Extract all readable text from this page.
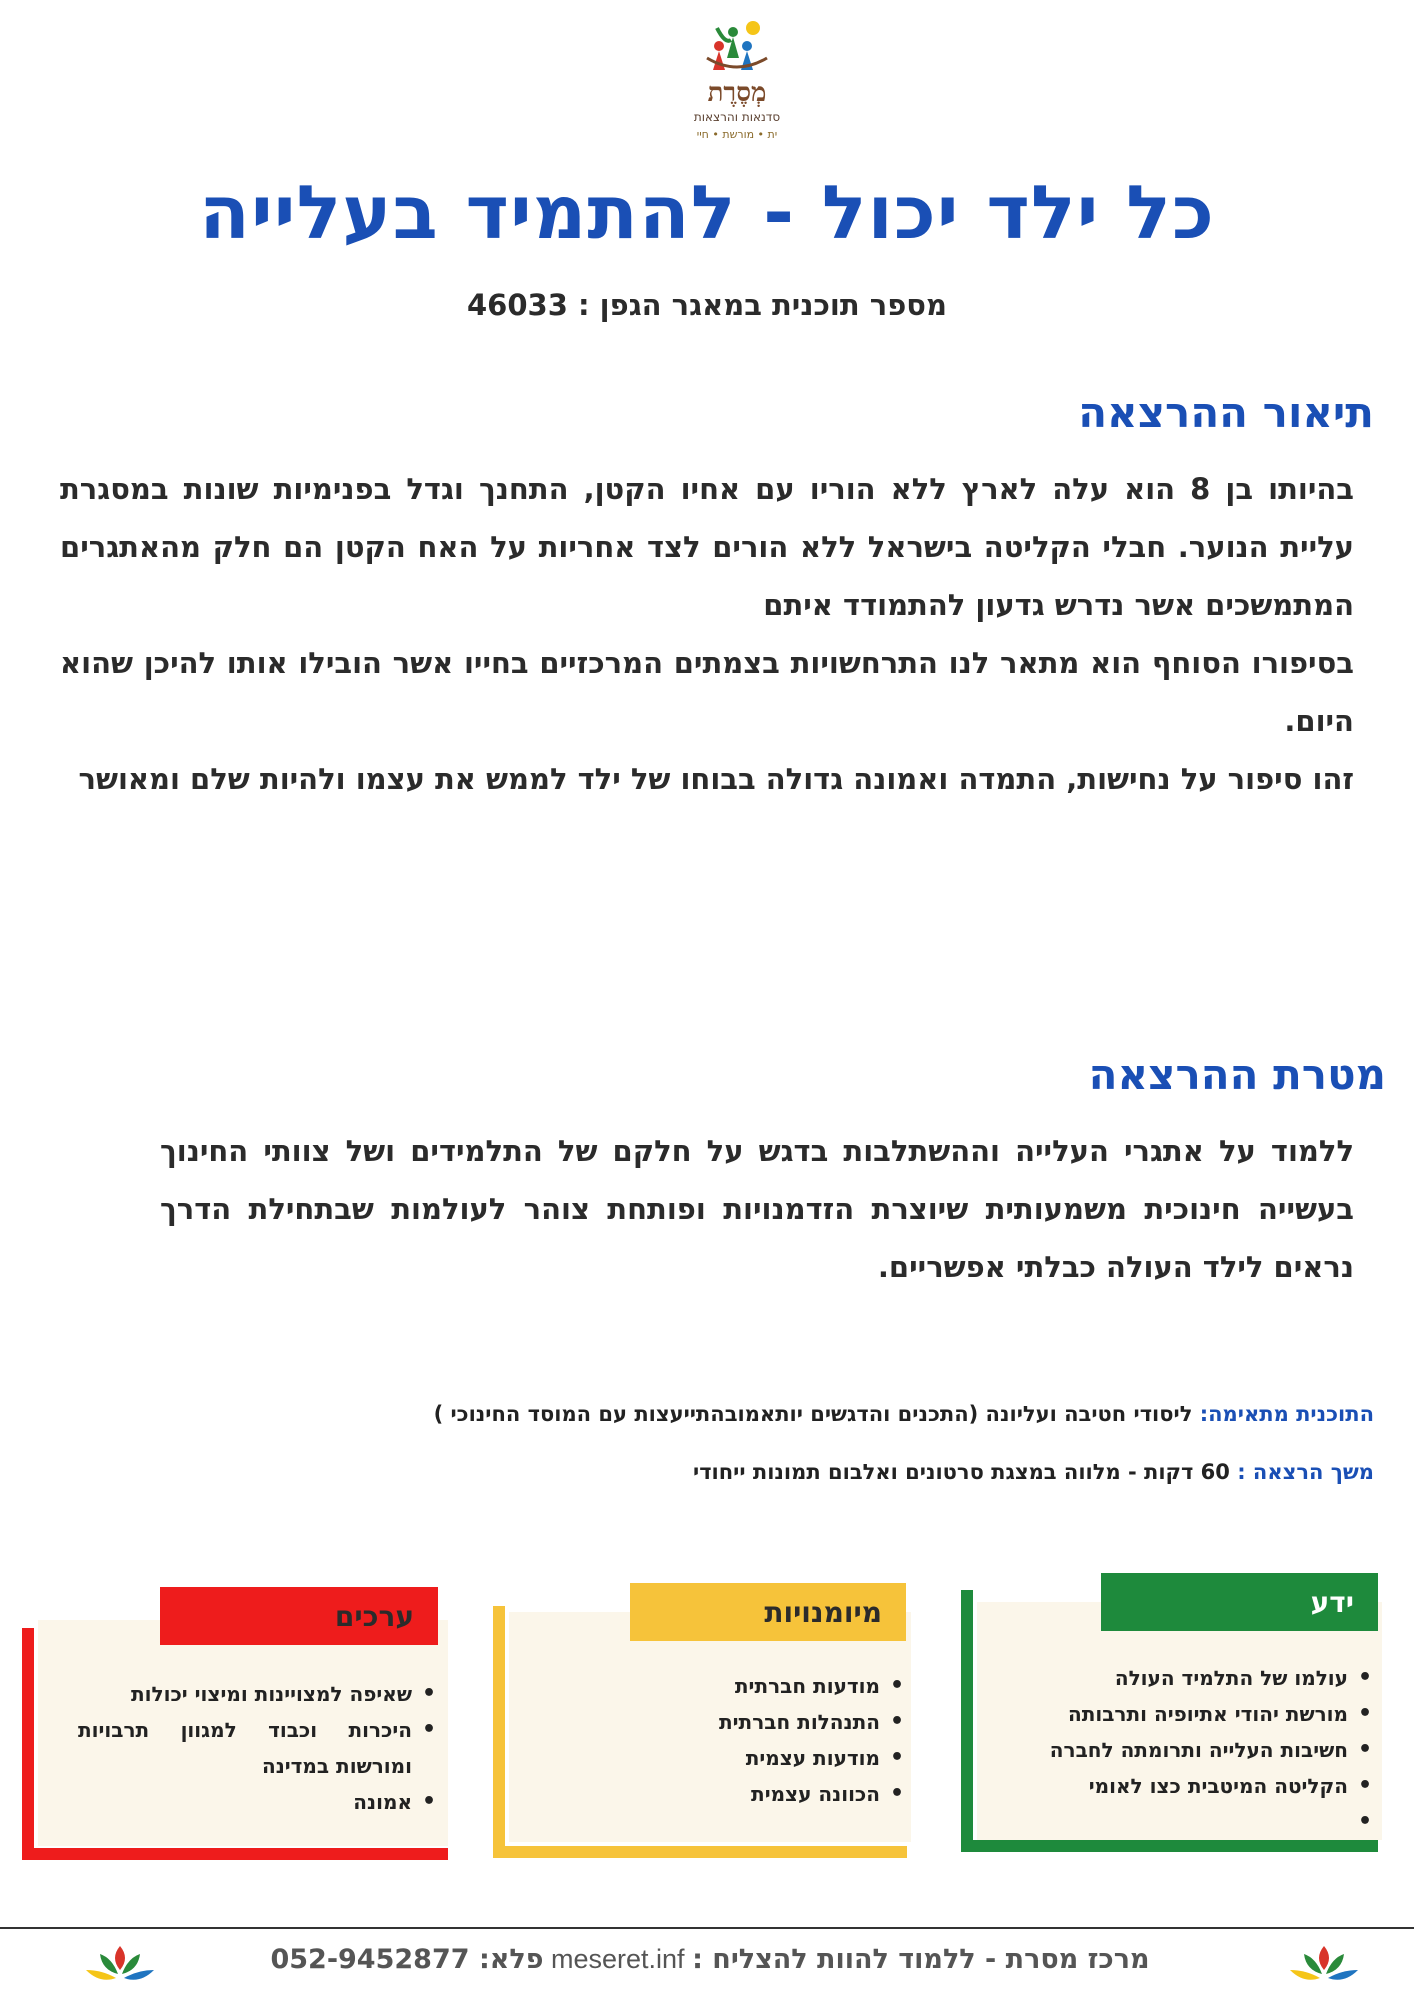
מְסֶרֶת
סדנאות והרצאות
ית • מורשת • חיי
כל ילד יכול - להתמיד בעלייה
מספר תוכנית במאגר הגפן : 46033
תיאור ההרצאה

בהיותו בן 8 הוא עלה לארץ ללא הוריו עם אחיו הקטן, התחנך וגדל בפנימיות שונות במסגרת עליית הנוער. חבלי הקליטה בישראל ללא הורים לצד אחריות על האח הקטן הם חלק מהאתגרים המתמשכים אשר נדרש גדעון להתמודד איתם

בסיפורו הסוחף הוא מתאר לנו התרחשויות בצמתים המרכזיים בחייו אשר הובילו אותו להיכן שהוא היום.

זהו סיפור על נחישות, התמדה ואמונה גדולה בבוחו של ילד לממש את עצמו ולהיות שלם ומאושר

מטרת ההרצאה

ללמוד על אתגרי העלייה וההשתלבות בדגש על חלקם של התלמידים ושל צוותי החינוך בעשייה חינוכית משמעותית שיוצרת הזדמנויות ופותחת צוהר לעולמות שבתחילת הדרך נראים לילד העולה כבלתי אפשריים.

התוכנית מתאימה: ליסודי חטיבה ועליונה (התכנים והדגשים יותאמובהתייעצות עם המוסד החינוכי )
משך הרצאה : 60 דקות - מלווה במצגת סרטונים ואלבום תמונות ייחודי
ידע
• עולמו של התלמיד העולה
• מורשת יהודי אתיופיה ותרבותה
• חשיבות העלייה ותרומתה לחברה
• הקליטה המיטבית כצו לאומי
מיומנויות
• מודעות חברתית
• התנהלות חברתית
• מודעות עצמית
• הכוונה עצמית
ערכים
• שאיפה למצויינות ומיצוי יכולות
• היכרות וכבוד למגוון תרבויות ומורשות במדינה
• אמונה
מרכז מסרת - ללמוד להוות להצליח : meseret.inf פלא: 052-9452877
